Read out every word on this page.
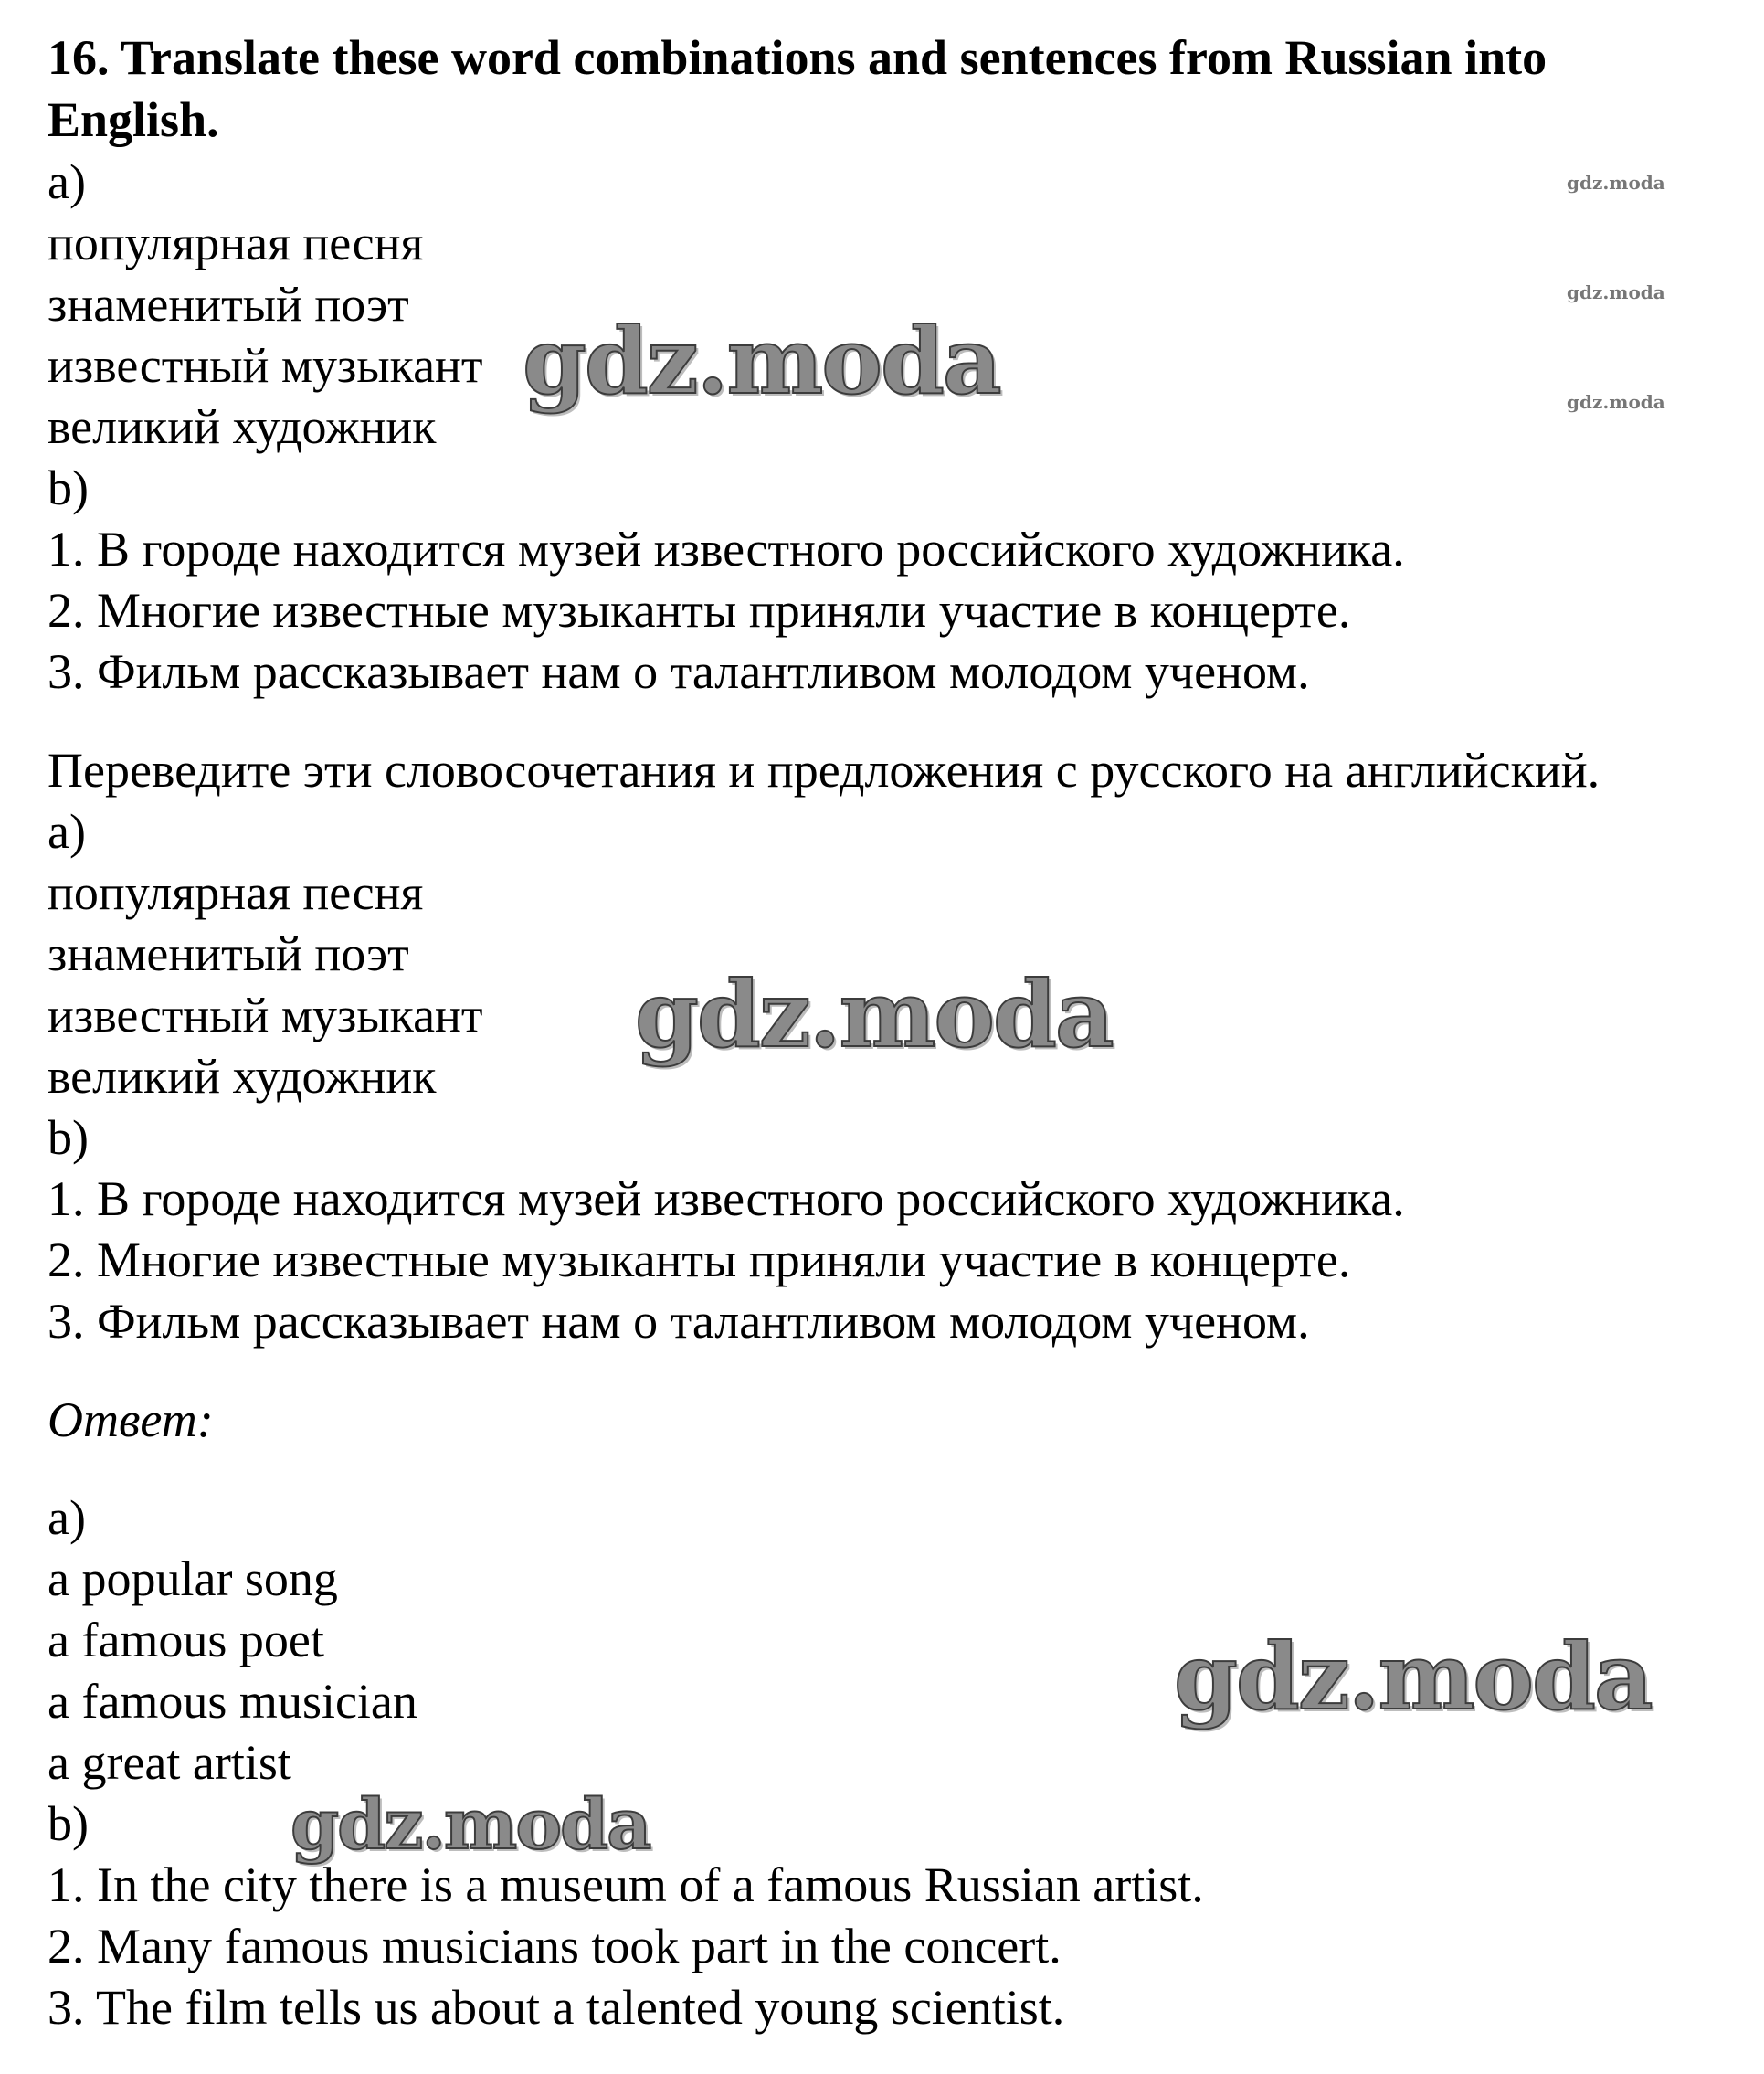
16. Translate these word combinations and sentences from Russian into
English.
a)
популярная песня
знаменитый поэт
известный музыкант
великий художник
b)
1. В городе находится музей известного российского художника.
2. Многие известные музыканты приняли участие в концерте.
3. Фильм рассказывает нам о талантливом молодом ученом.
Переведите эти словосочетания и предложения с русского на английский.
a)
популярная песня
знаменитый поэт
известный музыкант
великий художник
b)
1. В городе находится музей известного российского художника.
2. Многие известные музыканты приняли участие в концерте.
3. Фильм рассказывает нам о талантливом молодом ученом.
Ответ:
a)
a popular song
a famous poet
a famous musician
a great artist
b)
1. In the city there is a museum of a famous Russian artist.
2. Many famous musicians took part in the concert.
3. The film tells us about a talented young scientist.
gdz.moda
gdz.moda
gdz.moda
gdz.moda
gdz.moda
gdz.moda
gdz.moda
